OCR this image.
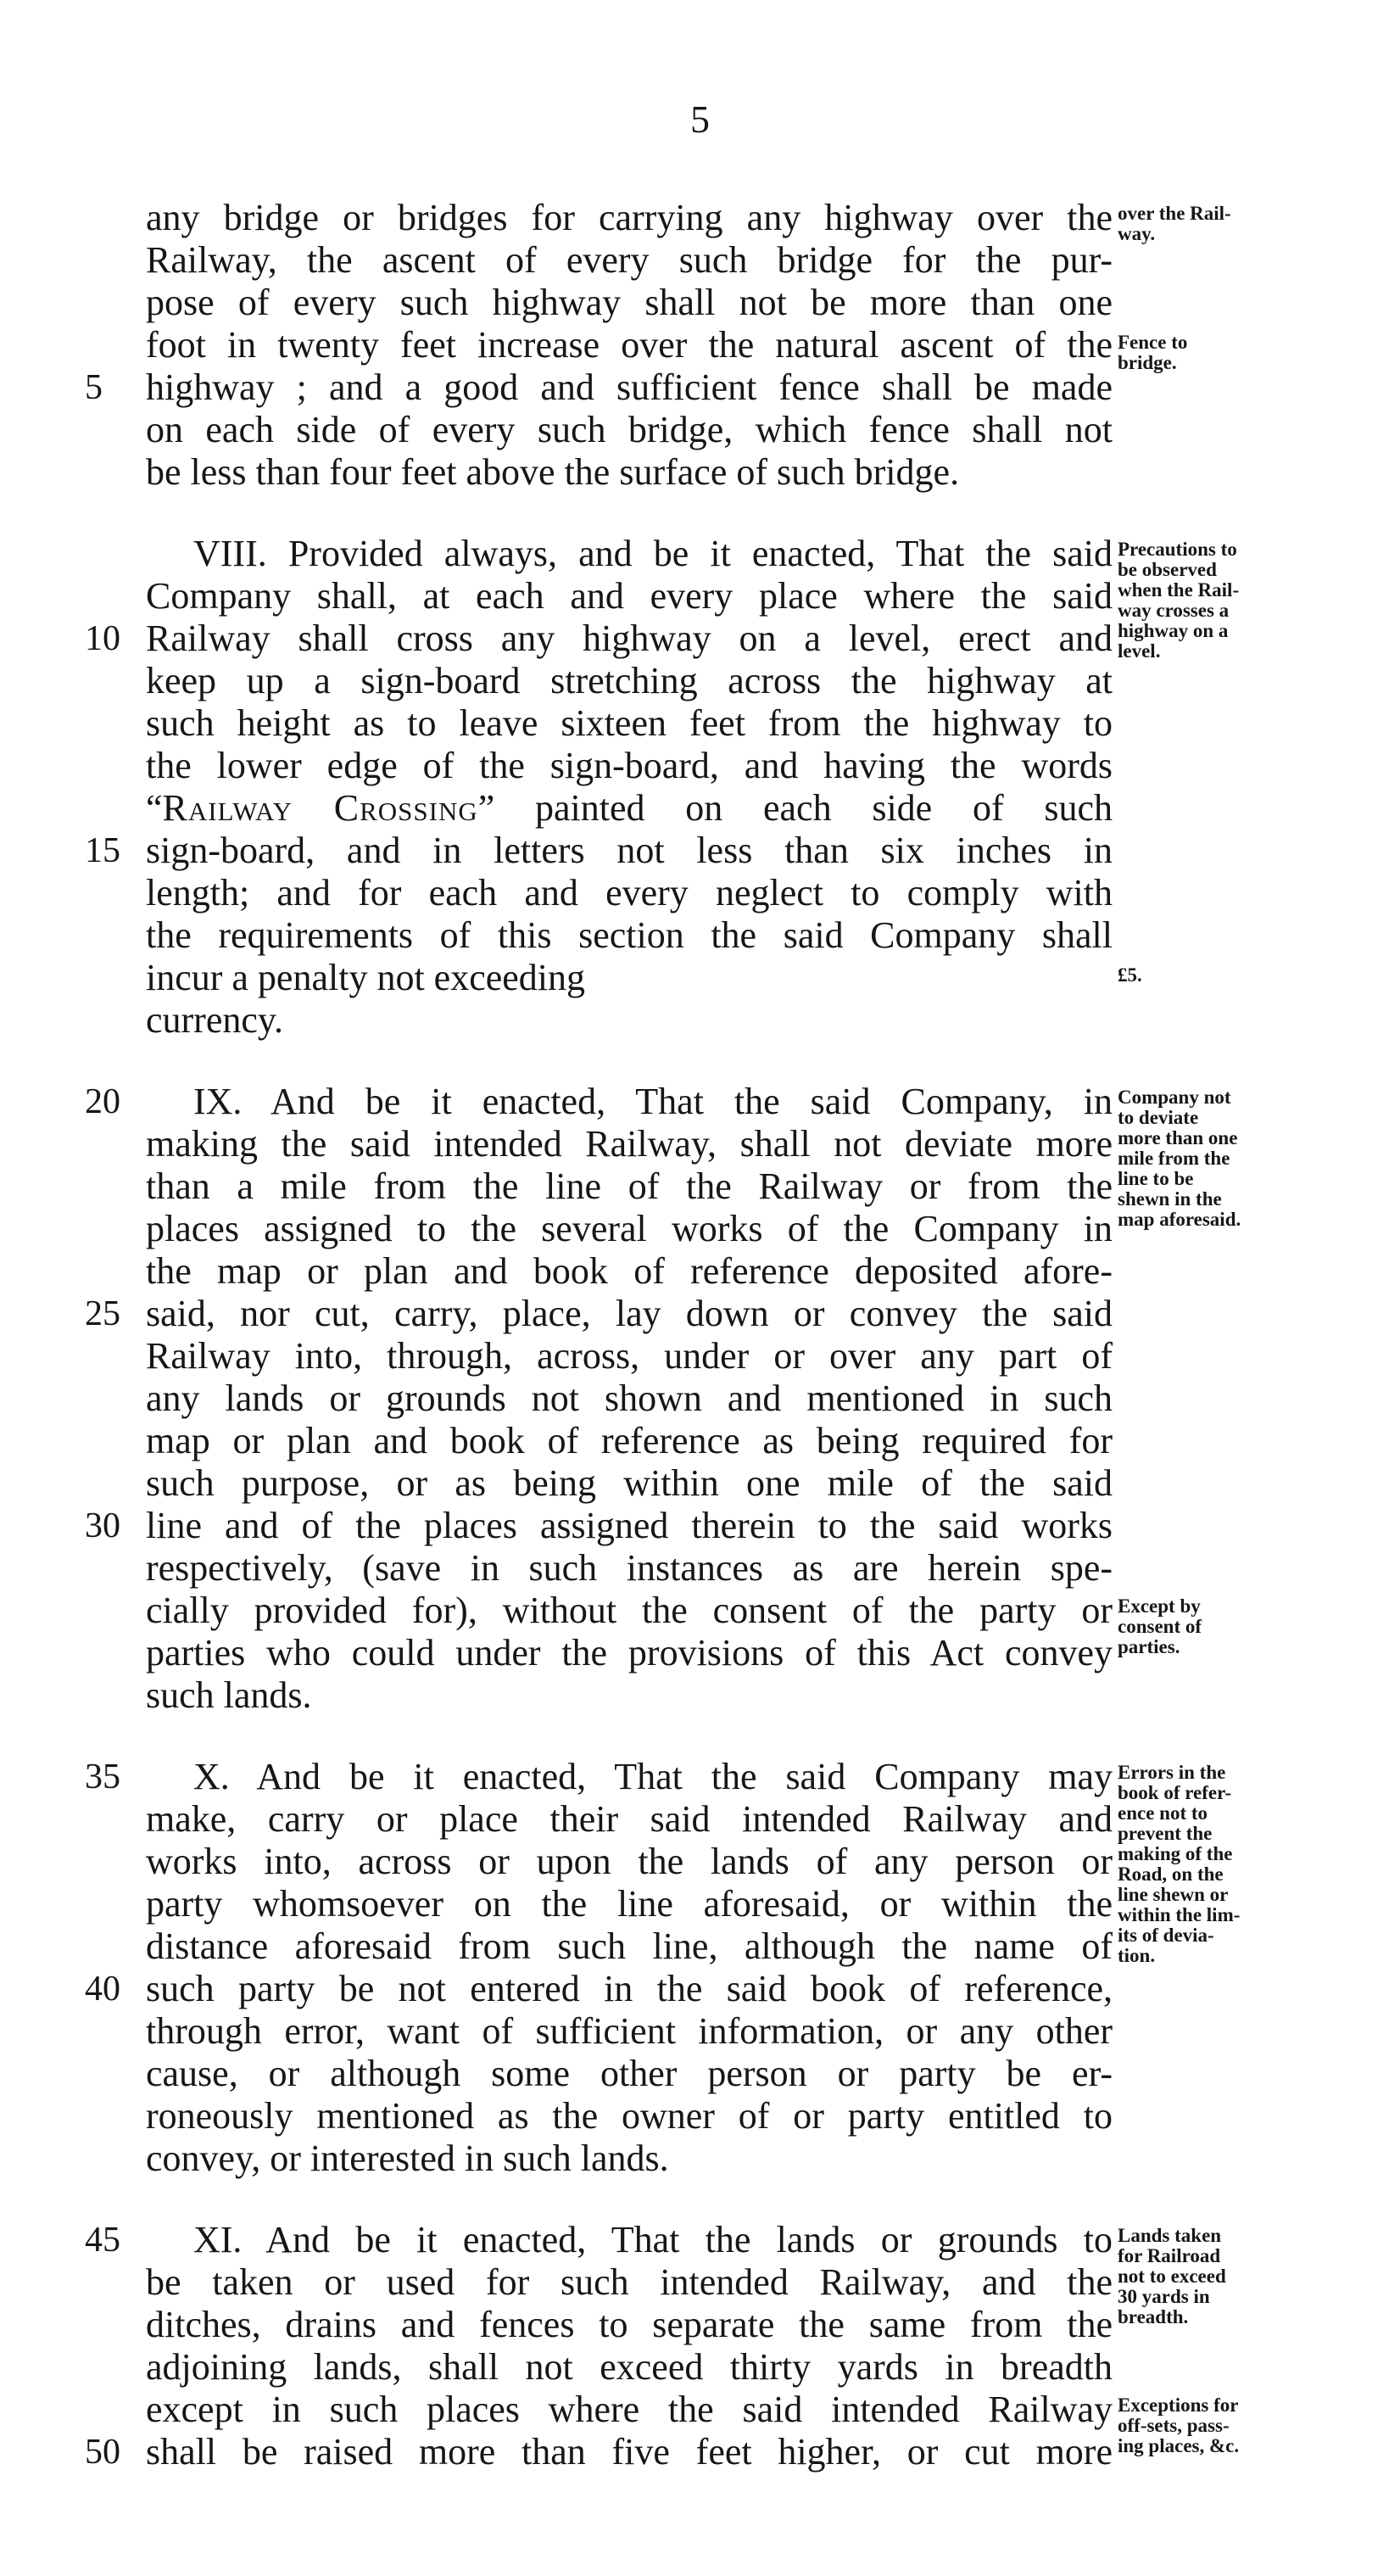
5
any bridge or bridges for carrying any highway over the
Railway, the ascent of every such bridge for the pur-
pose of every such highway shall not be more than one
foot in twenty feet increase over the natural ascent of the
highway ; and a good and sufficient fence shall be made
on each side of every such bridge, which fence shall not
be less than four feet above the surface of such bridge.
VIII. Provided always, and be it enacted, That the said
Company shall, at each and every place where the said
Railway shall cross any highway on a level, erect and
keep up a sign-board stretching across the highway at
such height as to leave sixteen feet from the highway to
the lower edge of the sign-board, and having the words
“Railway Crossing” painted on each side of such
sign-board, and in letters not less than six inches in
length; and for each and every neglect to comply with
the requirements of this section the said Company shall
incur a penalty not exceeding
currency.
IX. And be it enacted, That the said Company, in
making the said intended Railway, shall not deviate more
than a mile from the line of the Railway or from the
places assigned to the several works of the Company in
the map or plan and book of reference deposited afore-
said, nor cut, carry, place, lay down or convey the said
Railway into, through, across, under or over any part of
any lands or grounds not shown and mentioned in such
map or plan and book of reference as being required for
such purpose, or as being within one mile of the said
line and of the places assigned therein to the said works
respectively, (save in such instances as are herein spe-
cially provided for), without the consent of the party or
parties who could under the provisions of this Act convey
such lands.
X. And be it enacted, That the said Company may
make, carry or place their said intended Railway and
works into, across or upon the lands of any person or
party whomsoever on the line aforesaid, or within the
distance aforesaid from such line, although the name of
such party be not entered in the said book of reference,
through error, want of sufficient information, or any other
cause, or although some other person or party be er-
roneously mentioned as the owner of or party entitled to
convey, or interested in such lands.
XI. And be it enacted, That the lands or grounds to
be taken or used for such intended Railway, and the
ditches, drains and fences to separate the same from the
adjoining lands, shall not exceed thirty yards in breadth
except in such places where the said intended Railway
shall be raised more than five feet higher, or cut more
5
10
15
20
25
30
35
40
45
50
over the Rail-
way.
Fence to
bridge.
Precautions to
be observed
when the Rail-
way crosses a
highway on a
level.
£5.
Company not
to deviate
more than one
mile from the
line to be
shewn in the
map aforesaid.
Except by
consent of
parties.
Errors in the
book of refer-
ence not to
prevent the
making of the
Road, on the
line shewn or
within the lim-
its of devia-
tion.
Lands taken
for Railroad
not to exceed
30 yards in
breadth.
Exceptions for
off-sets, pass-
ing places, &c.
